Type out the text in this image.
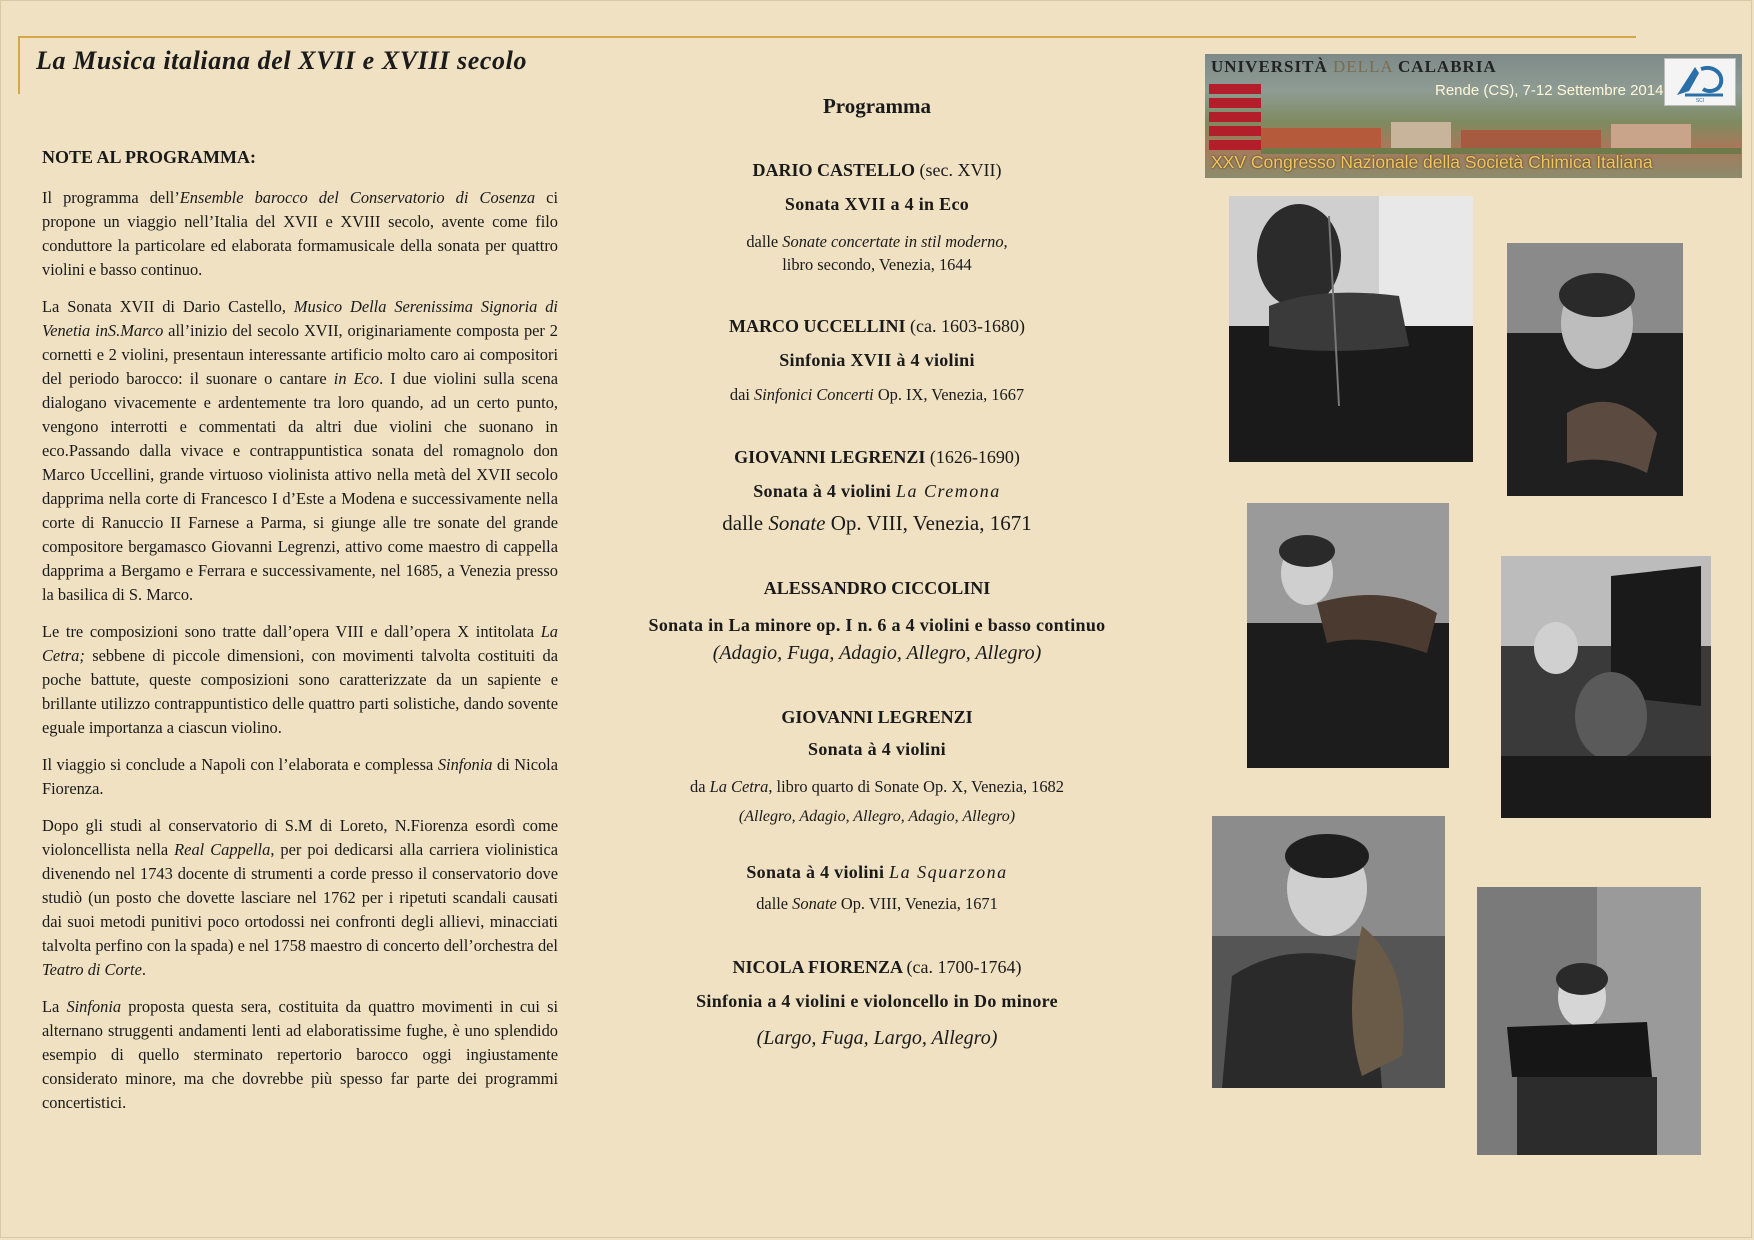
La Musica italiana del XVII e XVIII secolo

NOTE AL PROGRAMMA:

Il programma dell’Ensemble barocco del Conservatorio di Cosenza ci propone un viaggio nell’Italia del XVII e XVIII secolo, avente come filo conduttore la particolare ed elaborata formamusicale della sonata per quattro violini e basso continuo.

La Sonata XVII di Dario Castello, Musico Della Serenissima Signoria di Venetia inS.Marco all’inizio del secolo XVII, originariamente composta per 2 cornetti e 2 violini, presentaun interessante artificio molto caro ai compositori del periodo barocco: il suonare o cantare in Eco. I due violini sulla scena dialogano vivacemente e ardentemente tra loro quando, ad un certo punto, vengono interrotti e commentati da altri due violini che suonano in eco.Passando dalla vivace e contrappuntistica sonata del romagnolo don Marco Uccellini, grande virtuoso violinista attivo nella metà del XVII secolo dapprima nella corte di Francesco I d’Este a Modena e successivamente nella corte di Ranuccio II Farnese a Parma, si giunge alle tre sonate del grande compositore bergamasco Giovanni Legrenzi, attivo come maestro di cappella dapprima a Bergamo e Ferrara e successivamente, nel 1685, a Venezia presso la basilica di S. Marco.

Le tre composizioni sono tratte dall’opera VIII e dall’opera X intitolata La Cetra; sebbene di piccole dimensioni, con movimenti talvolta costituiti da poche battute, queste composizioni sono caratterizzate da un sapiente e brillante utilizzo contrappuntistico delle quattro parti solistiche, dando sovente eguale importanza a ciascun violino.

Il viaggio si conclude a Napoli con l’elaborata e complessa Sinfonia di Nicola Fiorenza.

Dopo gli studi al conservatorio di S.M di Loreto, N.Fiorenza esordì come violoncellista nella Real Cappella, per poi dedicarsi alla carriera violinistica divenendo nel 1743 docente di strumenti a corde presso il conservatorio dove studiò (un posto che dovette lasciare nel 1762 per i ripetuti scandali causati dai suoi metodi punitivi poco ortodossi nei confronti degli allievi, minacciati talvolta perfino con la spada) e nel 1758 maestro di concerto dell’orchestra del Teatro di Corte.

La Sinfonia proposta questa sera, costituita da quattro movimenti in cui si alternano struggenti andamenti lenti ad elaboratissime fughe, è uno splendido esempio di quello sterminato repertorio barocco oggi ingiustamente considerato minore, ma che dovrebbe più spesso far parte dei programmi concertistici.

Programma
DARIO CASTELLO (sec. XVII)
Sonata XVII a 4 in Eco
dalle Sonate concertate in stil moderno,
libro secondo, Venezia, 1644
MARCO UCCELLINI (ca. 1603-1680)
Sinfonia XVII à 4 violini
dai Sinfonici Concerti Op. IX, Venezia, 1667
GIOVANNI LEGRENZI (1626-1690)
Sonata à 4 violini La Cremona
dalle Sonate Op. VIII, Venezia, 1671
ALESSANDRO CICCOLINI
Sonata in La minore op. I n. 6 a 4 violini e basso continuo
(Adagio, Fuga, Adagio, Allegro, Allegro)
GIOVANNI LEGRENZI
Sonata à 4 violini
da La Cetra, libro quarto di Sonate Op. X, Venezia, 1682
(Allegro, Adagio, Allegro, Adagio, Allegro)
Sonata à 4 violini La Squarzona
dalle Sonate Op. VIII, Venezia, 1671
NICOLA FIORENZA (ca. 1700-1764)
Sinfonia a 4 violini e violoncello in Do minore
(Largo, Fuga, Largo, Allegro)
UNIVERSITÀ DELLA CALABRIA
Rende (CS), 7-12 Settembre 2014
SCI
XXV Congresso Nazionale della Società Chimica Italiana
